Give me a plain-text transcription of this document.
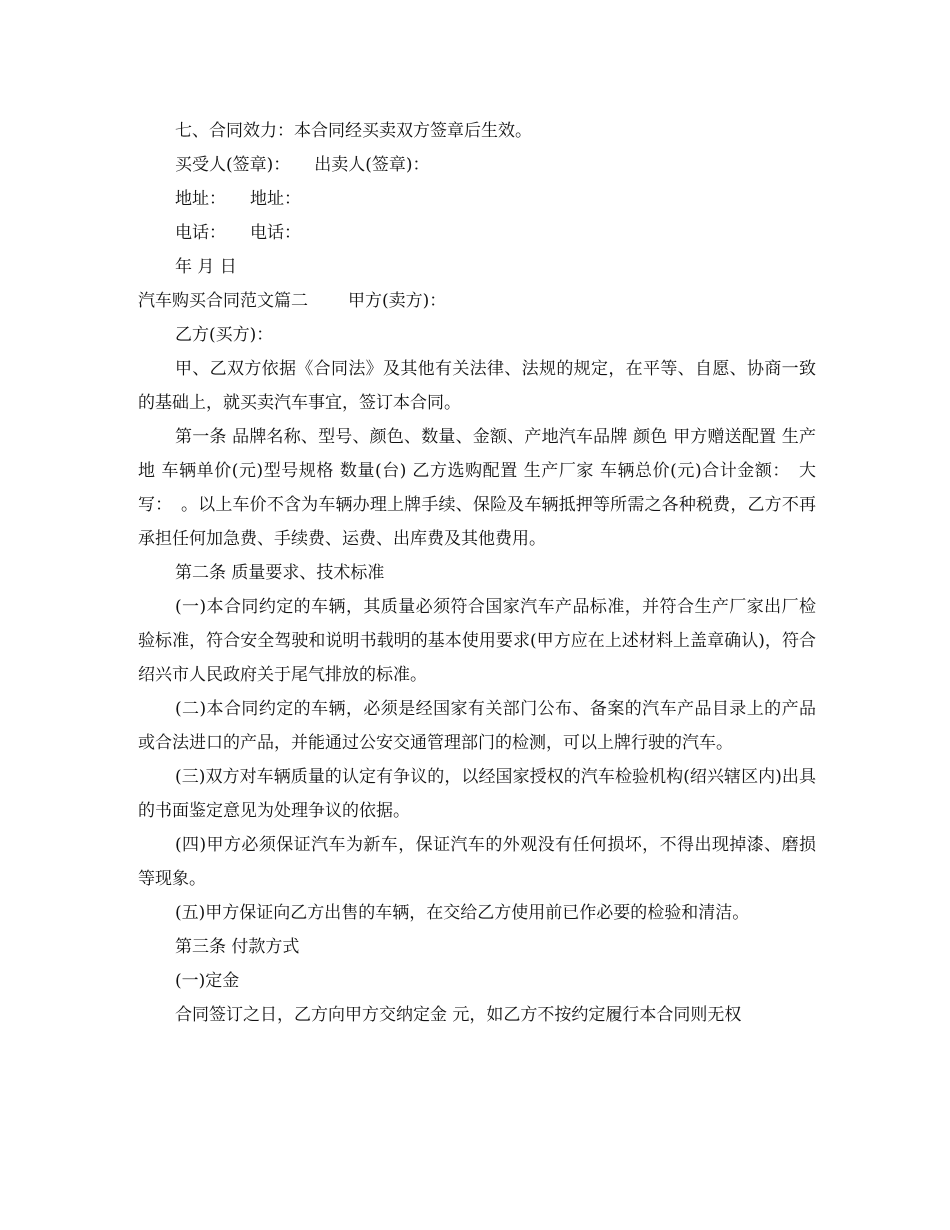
七、合同效力：本合同经买卖双方签章后生效。

买受人(签章)： 出卖人(签章)：

地址： 地址：

电话： 电话：

年 月 日

汽车购买合同范文篇二 甲方(卖方)：

乙方(买方)：

甲、乙双方依据《合同法》及其他有关法律、法规的规定，在平等、自愿、协商一致的基础上，就买卖汽车事宜，签订本合同。

第一条 品牌名称、型号、颜色、数量、金额、产地汽车品牌 颜色 甲方赠送配置 生产地 车辆单价(元)型号规格 数量(台) 乙方选购配置 生产厂家 车辆总价(元)合计金额：　大写：　。以上车价不含为车辆办理上牌手续、保险及车辆抵押等所需之各种税费，乙方不再承担任何加急费、手续费、运费、出库费及其他费用。

第二条 质量要求、技术标准

(一)本合同约定的车辆，其质量必须符合国家汽车产品标准，并符合生产厂家出厂检验标准，符合安全驾驶和说明书载明的基本使用要求(甲方应在上述材料上盖章确认)，符合绍兴市人民政府关于尾气排放的标准。

(二)本合同约定的车辆，必须是经国家有关部门公布、备案的汽车产品目录上的产品或合法进口的产品，并能通过公安交通管理部门的检测，可以上牌行驶的汽车。

(三)双方对车辆质量的认定有争议的，以经国家授权的汽车检验机构(绍兴辖区内)出具的书面鉴定意见为处理争议的依据。

(四)甲方必须保证汽车为新车，保证汽车的外观没有任何损坏，不得出现掉漆、磨损等现象。

(五)甲方保证向乙方出售的车辆，在交给乙方使用前已作必要的检验和清洁。

第三条 付款方式

(一)定金

合同签订之日，乙方向甲方交纳定金 元，如乙方不按约定履行本合同则无权
